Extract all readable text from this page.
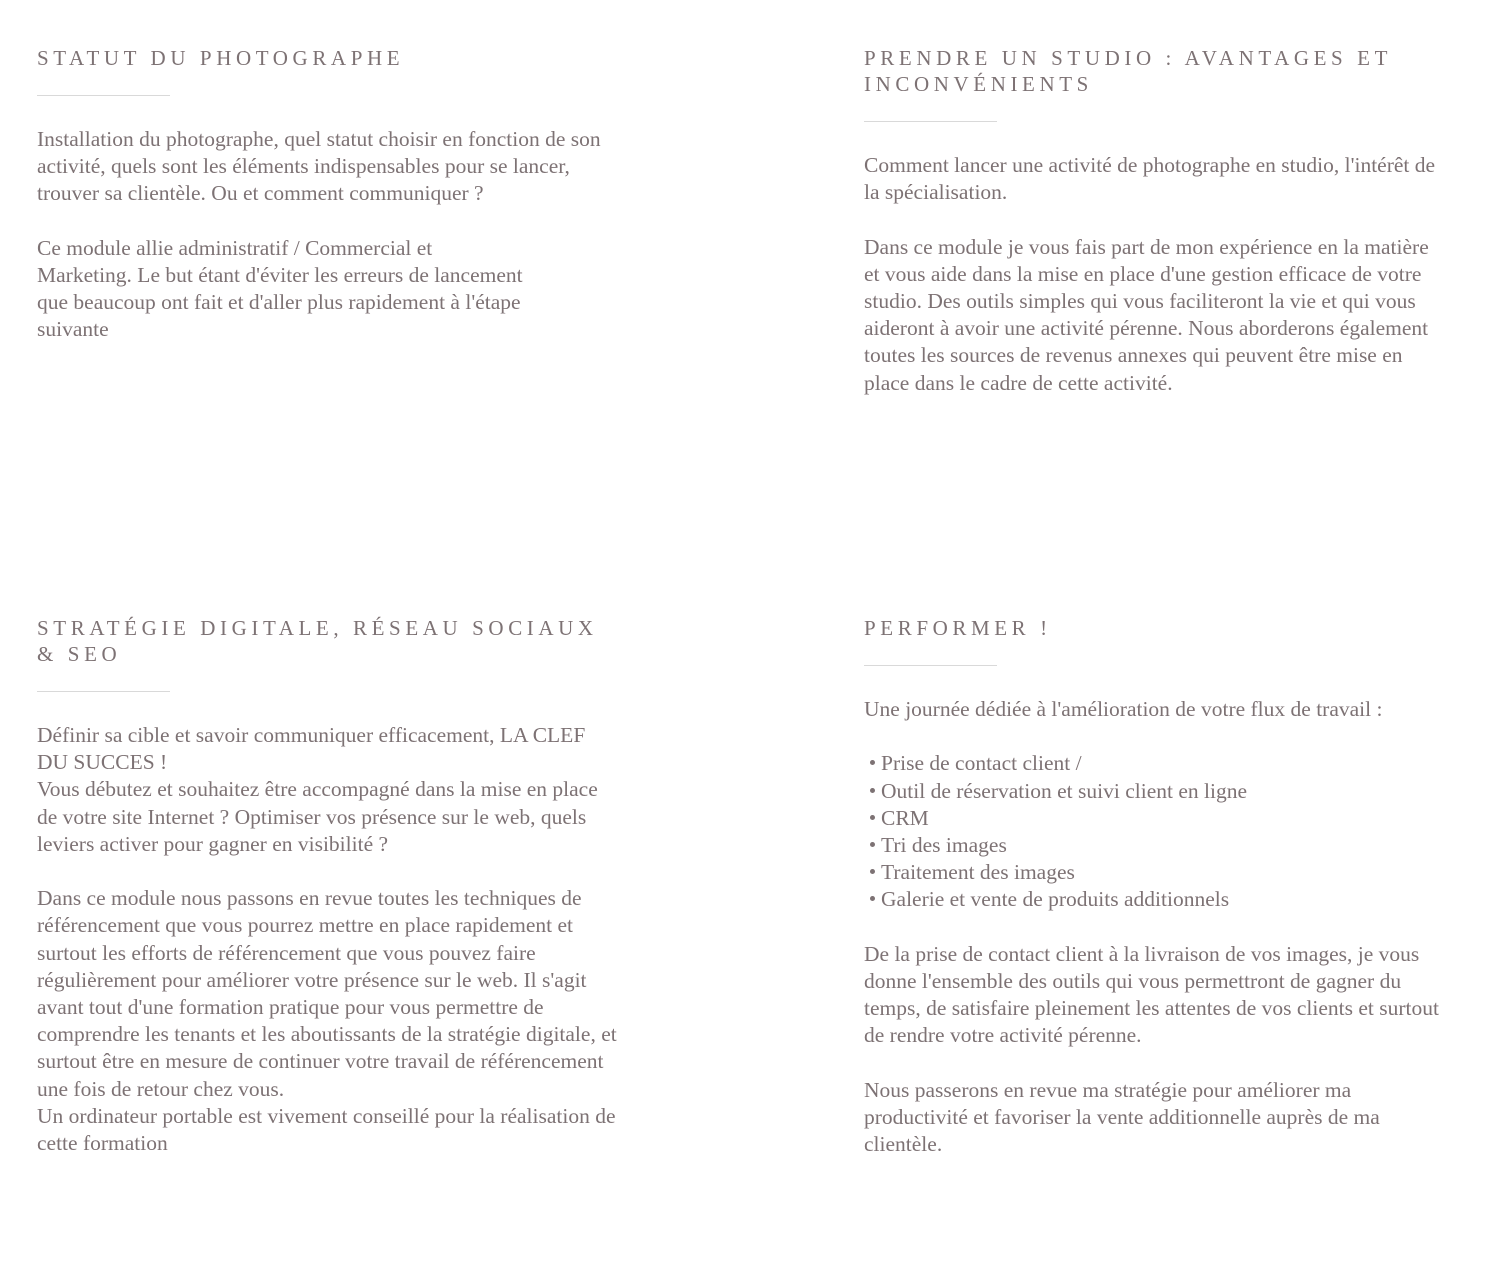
STATUT DU PHOTOGRAPHE

Installation du photographe, quel statut choisir en fonction de son activité, quels sont les éléments indispensables pour se lancer, trouver sa clientèle. Ou et comment communiquer ?

Ce module allie administratif / Commercial et Marketing. Le but étant d'éviter les erreurs de lancement que beaucoup ont fait et d'aller plus rapidement à l'étape suivante

PRENDRE UN STUDIO : AVANTAGES ET INCONVÉNIENTS

Comment lancer une activité de photographe en studio, l'intérêt de la spécialisation.

Dans ce module je vous fais part de mon expérience en la matière et vous aide dans la mise en place d'une gestion efficace de votre studio. Des outils simples qui vous faciliteront la vie et qui vous aideront à avoir une activité pérenne. Nous aborderons également toutes les sources de revenus annexes qui peuvent être mise en place dans le cadre de cette activité.

STRATÉGIE DIGITALE, RÉSEAU SOCIAUX & SEO

Définir sa cible et savoir communiquer efficacement, LA CLEF DU SUCCES !
Vous débutez et souhaitez être accompagné dans la mise en place de votre site Internet ? Optimiser vos présence sur le web, quels leviers activer pour gagner en visibilité ?

Dans ce module nous passons en revue toutes les techniques de référencement que vous pourrez mettre en place rapidement et surtout les efforts de référencement que vous pouvez faire régulièrement pour améliorer votre présence sur le web. Il s'agit avant tout d'une formation pratique pour vous permettre de comprendre les tenants et les aboutissants de la stratégie digitale, et surtout être en mesure de continuer votre travail de référencement une fois de retour chez vous.
Un ordinateur portable est vivement conseillé pour la réalisation de cette formation

PERFORMER !

Une journée dédiée à l'amélioration de votre flux de travail :

Prise de contact client /
Outil de réservation et suivi client en ligne
CRM
Tri des images
Traitement des images
Galerie et vente de produits additionnels

De la prise de contact client à la livraison de vos images, je vous donne l'ensemble des outils qui vous permettront de gagner du temps, de satisfaire pleinement les attentes de vos clients et surtout de rendre votre activité pérenne.

Nous passerons en revue ma stratégie pour améliorer ma productivité et favoriser la vente additionnelle auprès de ma clientèle.
